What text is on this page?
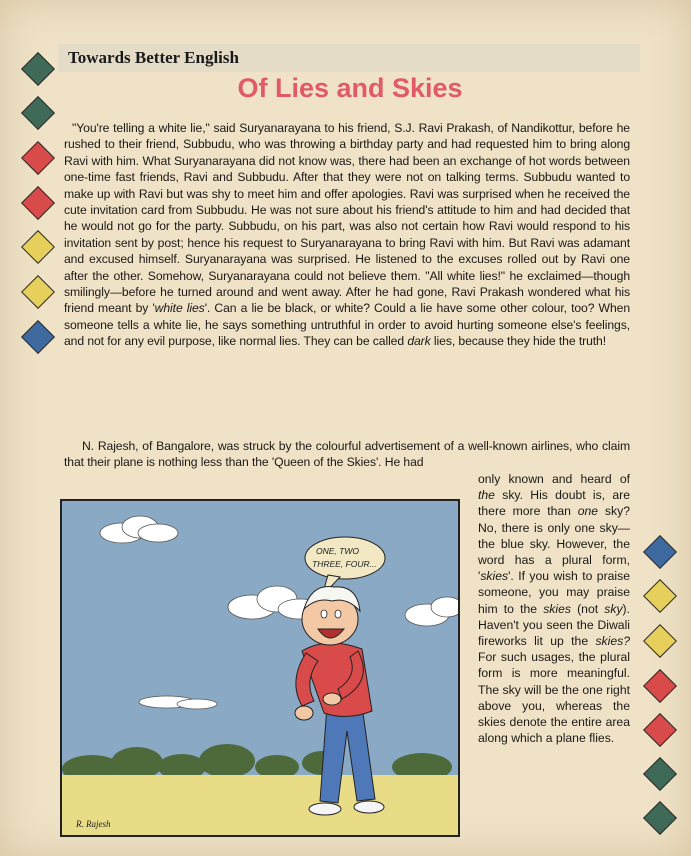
Towards Better English
Of Lies and Skies
"You're telling a white lie," said Suryanarayana to his friend, S.J. Ravi Prakash, of Nandikottur, before he rushed to their friend, Subbudu, who was throwing a birthday party and had requested him to bring along Ravi with him. What Suryanarayana did not know was, there had been an exchange of hot words between one-time fast friends, Ravi and Subbudu. After that they were not on talking terms. Subbudu wanted to make up with Ravi but was shy to meet him and offer apologies. Ravi was surprised when he received the cute invitation card from Subbudu. He was not sure about his friend's attitude to him and had decided that he would not go for the party. Subbudu, on his part, was also not certain how Ravi would respond to his invitation sent by post; hence his request to Suryanarayana to bring Ravi with him. But Ravi was adamant and excused himself. Suryanarayana was surprised. He listened to the excuses rolled out by Ravi one after the other. Somehow, Suryanarayana could not believe them. "All white lies!" he exclaimed—though smilingly—before he turned around and went away. After he had gone, Ravi Prakash wondered what his friend meant by 'white lies'. Can a lie be black, or white? Could a lie have some other colour, too? When someone tells a white lie, he says something untruthful in order to avoid hurting someone else's feelings, and not for any evil purpose, like normal lies. They can be called dark lies, because they hide the truth!
N. Rajesh, of Bangalore, was struck by the colourful advertisement of a well-known airlines, who claim that their plane is nothing less than the 'Queen of the Skies'. He had
only known and heard of the sky. His doubt is, are there more than one sky? No, there is only one sky—the blue sky. However, the word has a plural form, 'skies'. If you wish to praise someone, you may praise him to the skies (not sky). Haven't you seen the Diwali fireworks lit up the skies? For such usages, the plural form is more meaningful. The sky will be the one right above you, whereas the skies denote the entire area along which a plane flies.
ONE, TWO
THREE, FOUR...
R. Rajesh
